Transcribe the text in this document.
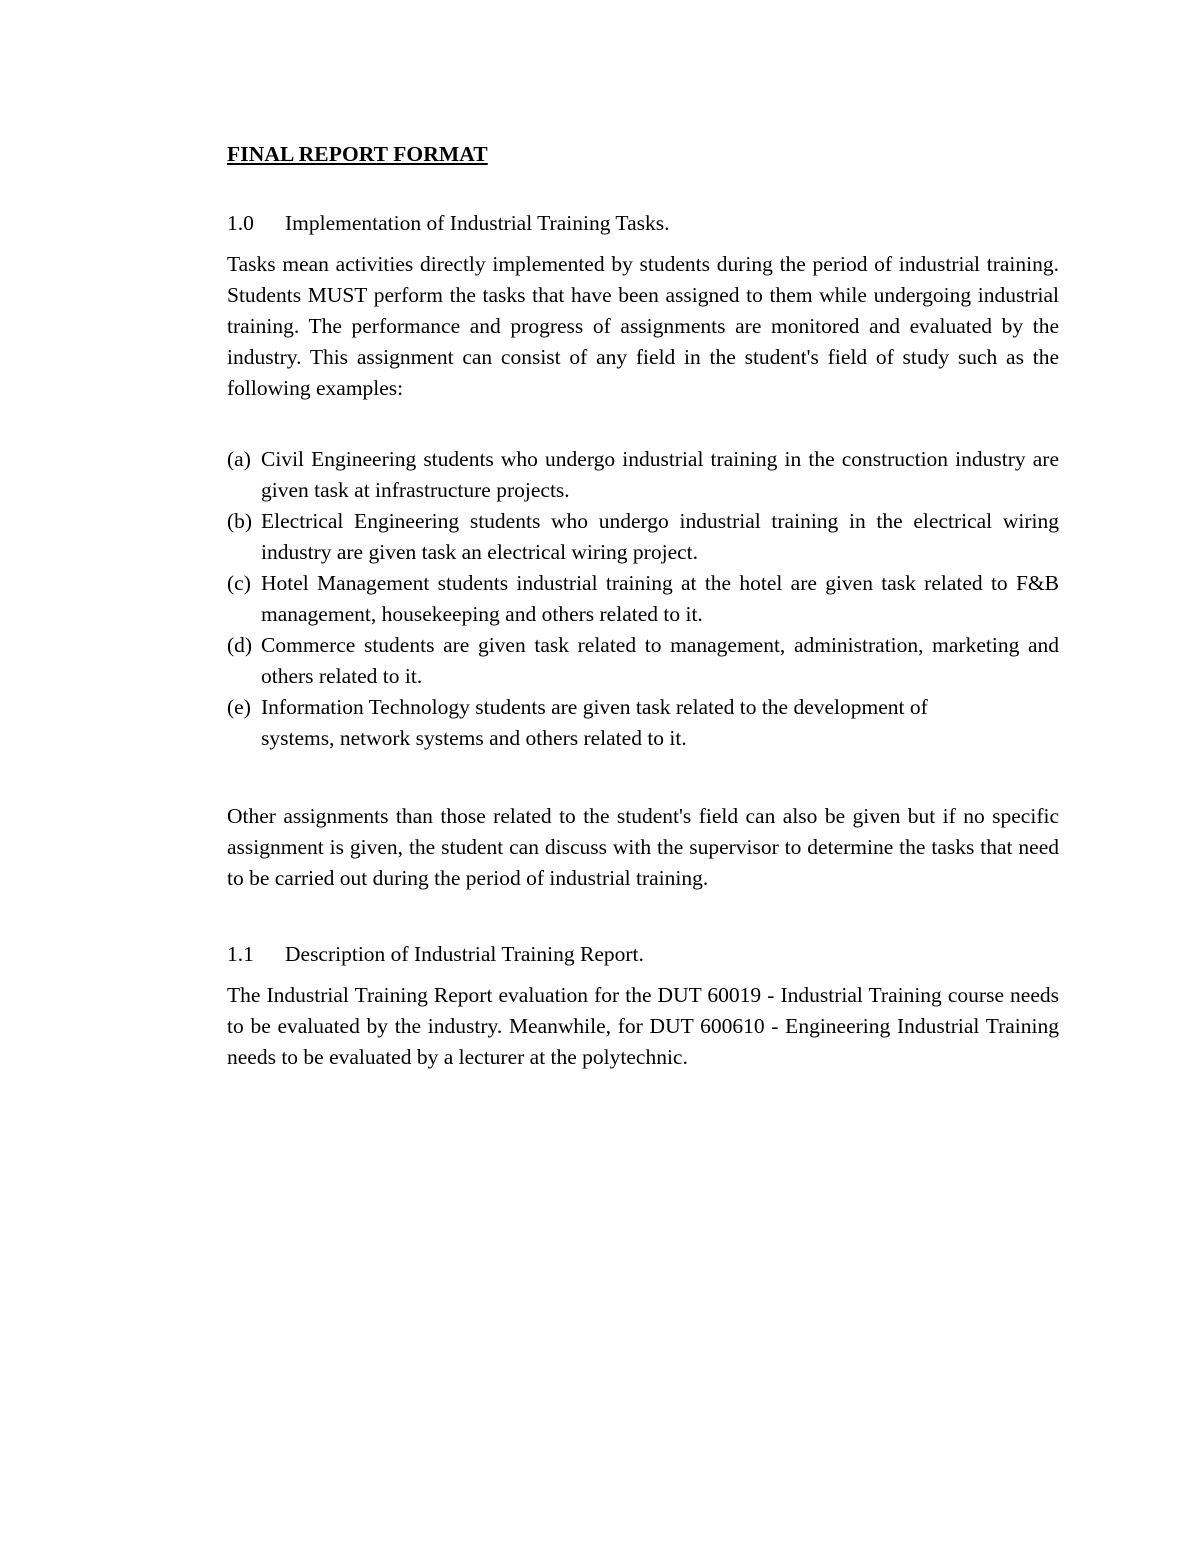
FINAL REPORT FORMAT
1.0 Implementation of Industrial Training Tasks.
Tasks mean activities directly implemented by students during the period of industrial training. Students MUST perform the tasks that have been assigned to them while undergoing industrial training. The performance and progress of assignments are monitored and evaluated by the industry. This assignment can consist of any field in the student's field of study such as the following examples:
(a) Civil Engineering students who undergo industrial training in the construction industry are given task at infrastructure projects.
(b) Electrical Engineering students who undergo industrial training in the electrical wiring industry are given task an electrical wiring project.
(c) Hotel Management students industrial training at the hotel are given task related to F&B management, housekeeping and others related to it.
(d) Commerce students are given task related to management, administration, marketing and others related to it.
(e) Information Technology students are given task related to the development of systems, network systems and others related to it.
Other assignments than those related to the student's field can also be given but if no specific assignment is given, the student can discuss with the supervisor to determine the tasks that need to be carried out during the period of industrial training.
1.1 Description of Industrial Training Report.
The Industrial Training Report evaluation for the DUT 60019 - Industrial Training course needs to be evaluated by the industry. Meanwhile, for DUT 600610 - Engineering Industrial Training needs to be evaluated by a lecturer at the polytechnic.
